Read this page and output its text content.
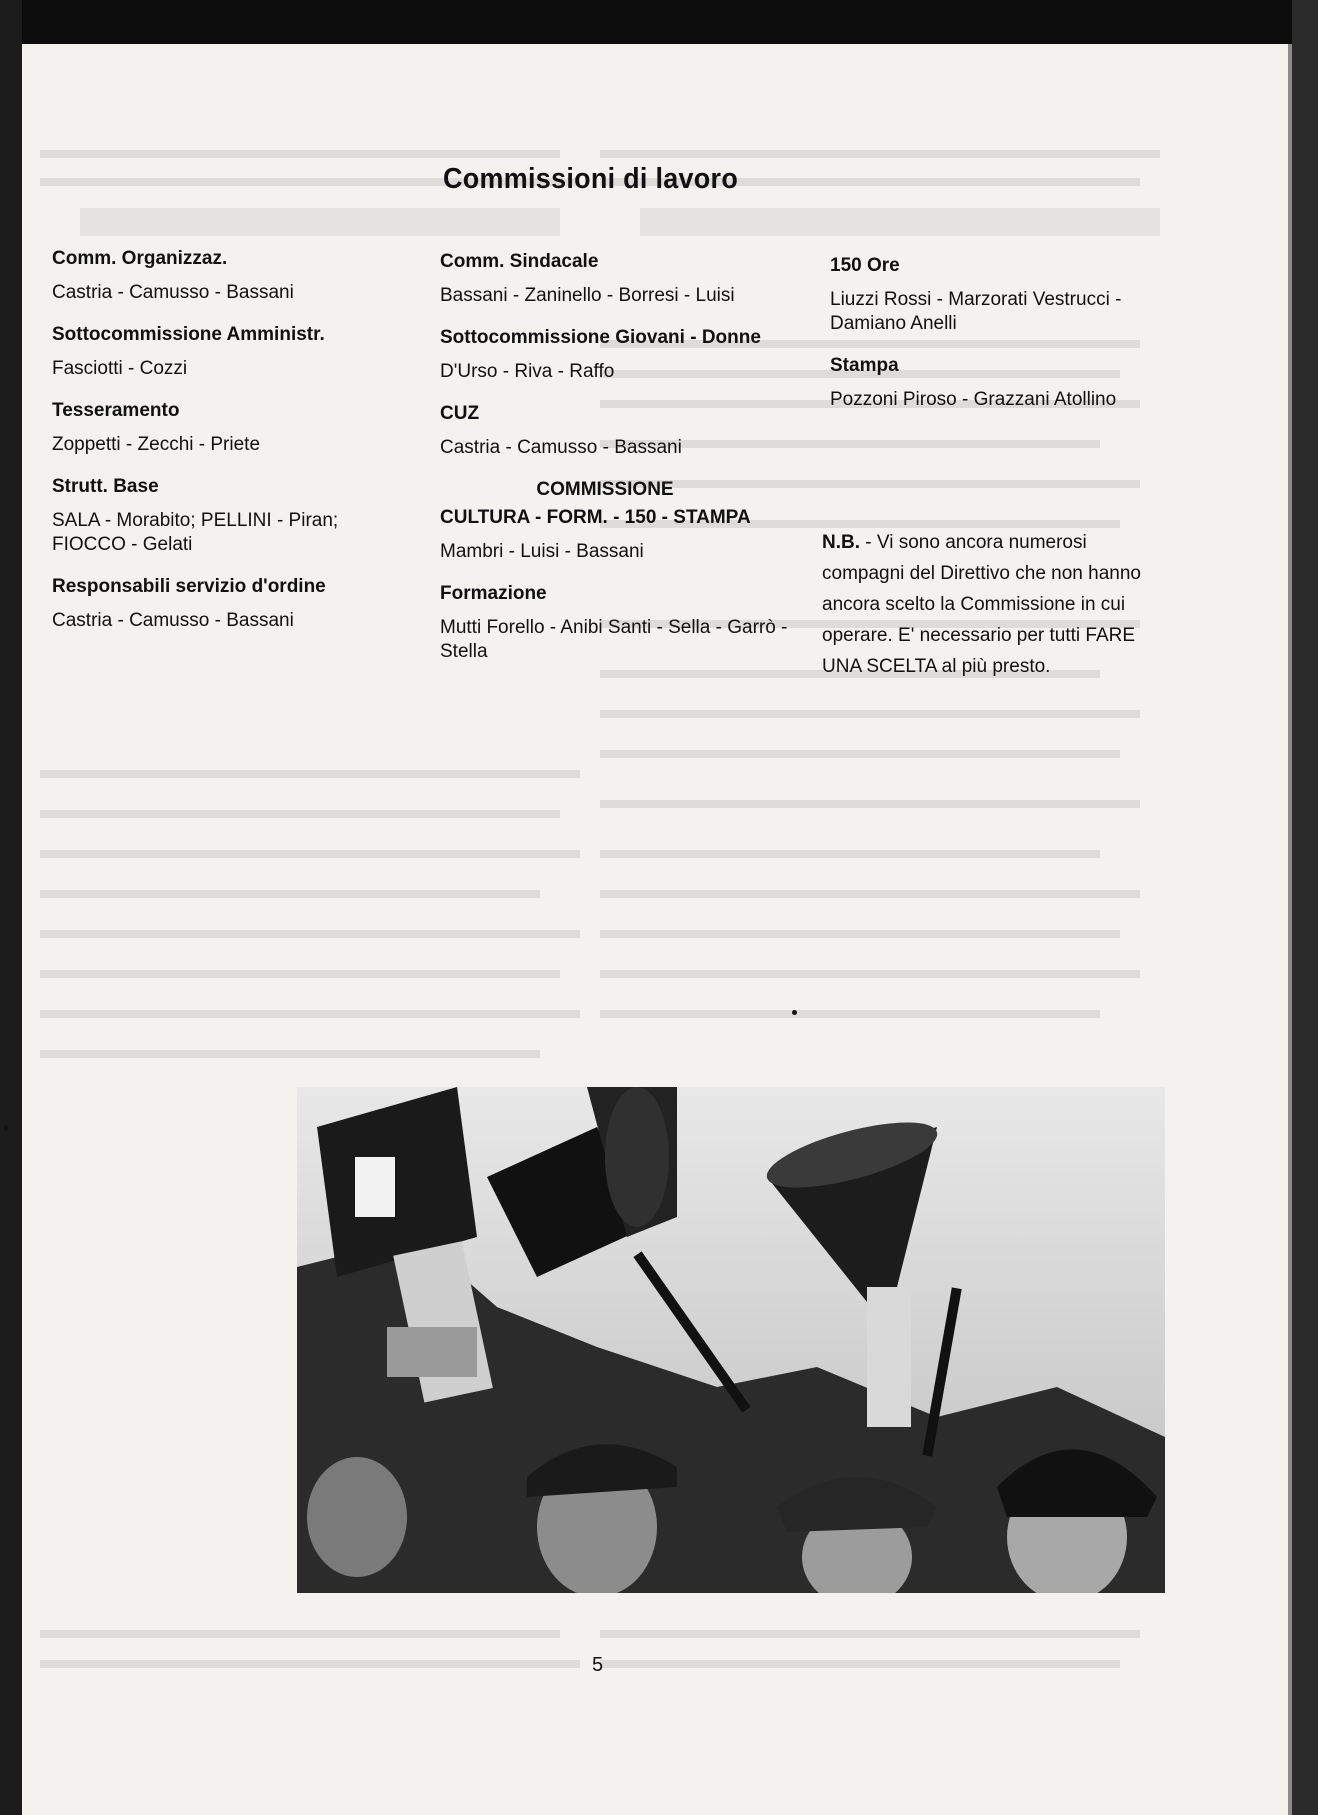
Commissioni di lavoro
Comm. Organizzaz.
Castria - Camusso - Bassani
Sottocommissione Amministr.
Fasciotti - Cozzi
Tesseramento
Zoppetti - Zecchi - Priete
Strutt. Base
SALA - Morabito; PELLINI - Piran; FIOCCO - Gelati
Responsabili servizio d'ordine
Castria - Camusso - Bassani
Comm. Sindacale
Bassani - Zaninello - Borresi - Luisi
Sottocommissione Giovani - Donne
D'Urso - Riva - Raffo
CUZ
Castria - Camusso - Bassani
COMMISSIONE
CULTURA - FORM. - 150 - STAMPA
Mambri - Luisi - Bassani
Formazione
Mutti Forello - Anibi Santi - Sella - Garrò - Stella
150 Ore
Liuzzi Rossi - Marzorati Vestrucci - Damiano Anelli
Stampa
Pozzoni Piroso - Grazzani Atollino
N.B. - Vi sono ancora numerosi compagni del Direttivo che non hanno ancora scelto la Commissione in cui operare. E' necessario per tutti FARE UNA SCELTA al più presto.
5
